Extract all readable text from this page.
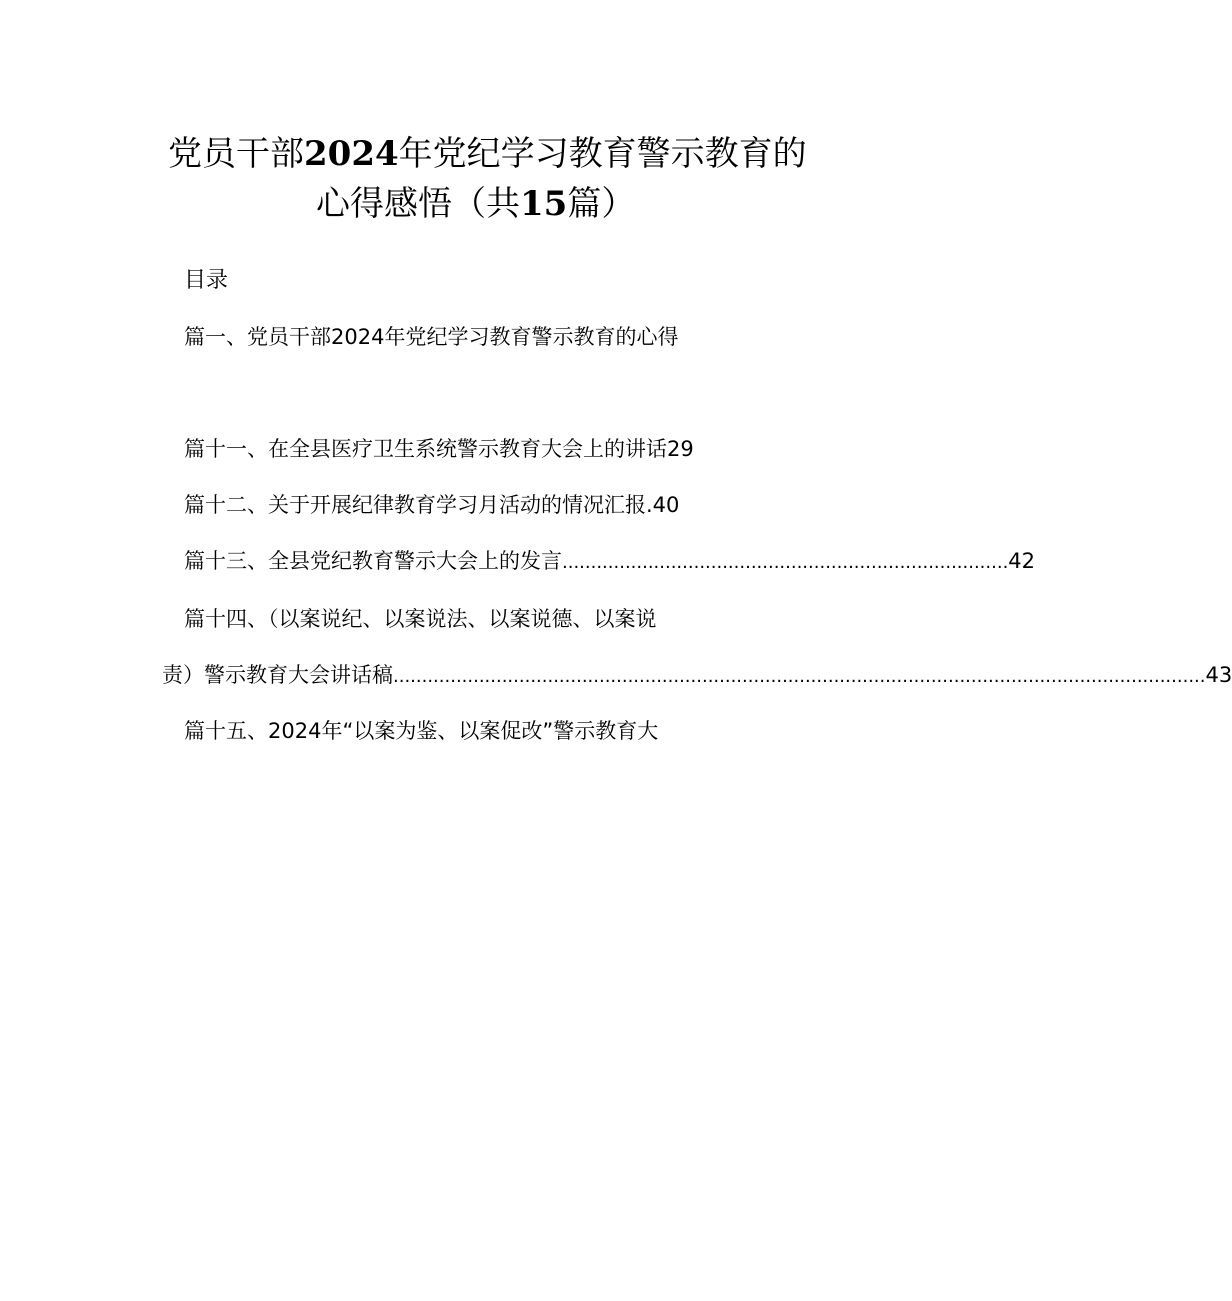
党员干部2024年党纪学习教育警示教育的
心得感悟（共15篇）
目录
篇一、党员干部2024年党纪学习教育警示教育的心得
篇十一、在全县医疗卫生系统警示教育大会上的讲话 29
篇十二、关于开展纪律教育学习月活动的情况汇报 .40
篇十三、全县党纪教育警示大会上的发言 .............................................................................. 42
篇十四、（以案说纪、以案说法、以案说德、以案说
责）警示教育大会讲话稿 .............................................................................................................................................. 43
篇十五、2024年“以案为鉴、以案促改”警示教育大
